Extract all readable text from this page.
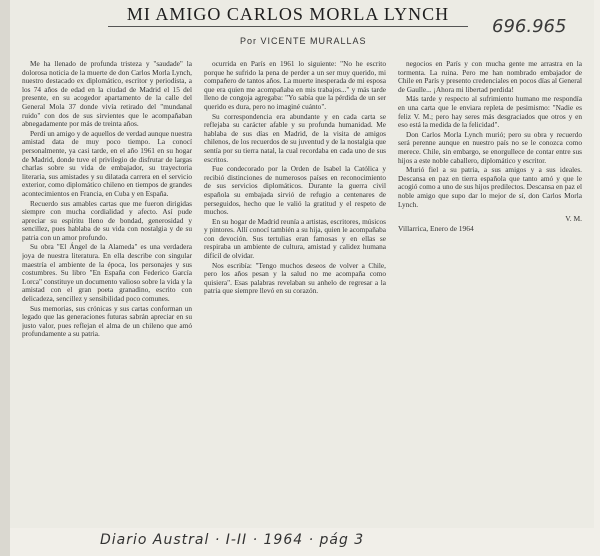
MI AMIGO CARLOS MORLA LYNCH
Por VICENTE MURALLAS
696.965

Me ha llenado de profunda tristeza y "saudade" la dolorosa noticia de la muerte de don Carlos Morla Lynch, nuestro destacado ex diplomático, escritor y periodista, a los 74 años de edad en la ciudad de Madrid el 15 del presente, en su acogedor apartamento de la calle del General Mola 37 donde vivía retirado del "mundanal ruido" con dos de sus sirvientes que le acompañaban abnegadamente por más de treinta años.

Perdí un amigo y de aquellos de verdad aunque nuestra amistad data de muy poco tiempo. La conocí personalmente, ya casi tarde, en el año 1961 en su hogar de Madrid, donde tuve el privilegio de disfrutar de largas charlas sobre su vida de embajador, su trayectoria literaria, sus amistades y su dilatada carrera en el servicio exterior, como diplomático chileno en tiempos de grandes acontecimientos en Francia, en Cuba y en España.

Recuerdo sus amables cartas que me fueron dirigidas siempre con mucha cordialidad y afecto. Así pude apreciar su espíritu lleno de bondad, generosidad y sencillez, pues hablaba de su vida con nostalgia y de su patria con un amor profundo.

Su obra "El Ángel de la Alameda" es una verdadera joya de nuestra literatura. En ella describe con singular maestría el ambiente de la época, los personajes y sus costumbres. Su libro "En España con Federico García Lorca" constituye un documento valioso sobre la vida y la amistad con el gran poeta granadino, escrito con delicadeza, sencillez y sensibilidad poco comunes.

Sus memorias, sus crónicas y sus cartas conforman un legado que las generaciones futuras sabrán apreciar en su justo valor, pues reflejan el alma de un chileno que amó profundamente a su patria.

ocurrida en París en 1961 lo siguiente: "No he escrito porque he sufrido la pena de perder a un ser muy querido, mi compañero de tantos años. La muerte inesperada de mi esposa que era quien me acompañaba en mis trabajos..." y más tarde lleno de congoja agregaba: "Yo sabía que la pérdida de un ser querido es dura, pero no imaginé cuánto".

Su correspondencia era abundante y en cada carta se reflejaba su carácter afable y su profunda humanidad. Me hablaba de sus días en Madrid, de la visita de amigos chilenos, de los recuerdos de su juventud y de la nostalgia que sentía por su tierra natal, la cual recordaba en cada uno de sus escritos.

Fue condecorado por la Orden de Isabel la Católica y recibió distinciones de numerosos países en reconocimiento de sus servicios diplomáticos. Durante la guerra civil española su embajada sirvió de refugio a centenares de perseguidos, hecho que le valió la gratitud y el respeto de muchos.

En su hogar de Madrid reunía a artistas, escritores, músicos y pintores. Allí conocí también a su hija, quien le acompañaba con devoción. Sus tertulias eran famosas y en ellas se respiraba un ambiente de cultura, amistad y calidez humana difícil de olvidar.

Nos escribía: "Tengo muchos deseos de volver a Chile, pero los años pesan y la salud no me acompaña como quisiera". Esas palabras revelaban su anhelo de regresar a la patria que siempre llevó en su corazón.

negocios en París y con mucha gente me arrastra en la tormenta. La ruina. Pero me han nombrado embajador de Chile en París y presento credenciales en pocos días al General de Gaulle... ¡Ahora mi libertad perdida!

Más tarde y respecto al sufrimiento humano me respondía en una carta que le enviara repleta de pesimismo: "Nadie es feliz V. M.; pero hay seres más desgraciados que otros y en eso está la medida de la felicidad".

Don Carlos Morla Lynch murió; pero su obra y recuerdo será perenne aunque en nuestro país no se le conozca como merece. Chile, sin embargo, se enorgullece de contar entre sus hijos a este noble caballero, diplomático y escritor.

Murió fiel a su patria, a sus amigos y a sus ideales. Descansa en paz en tierra española que tanto amó y que le acogió como a uno de sus hijos predilectos. Descansa en paz el noble amigo que supo dar lo mejor de sí, don Carlos Morla Lynch.

V. M.

Villarrica, Enero de 1964

Diario Austral · I-II · 1964 · pág 3
